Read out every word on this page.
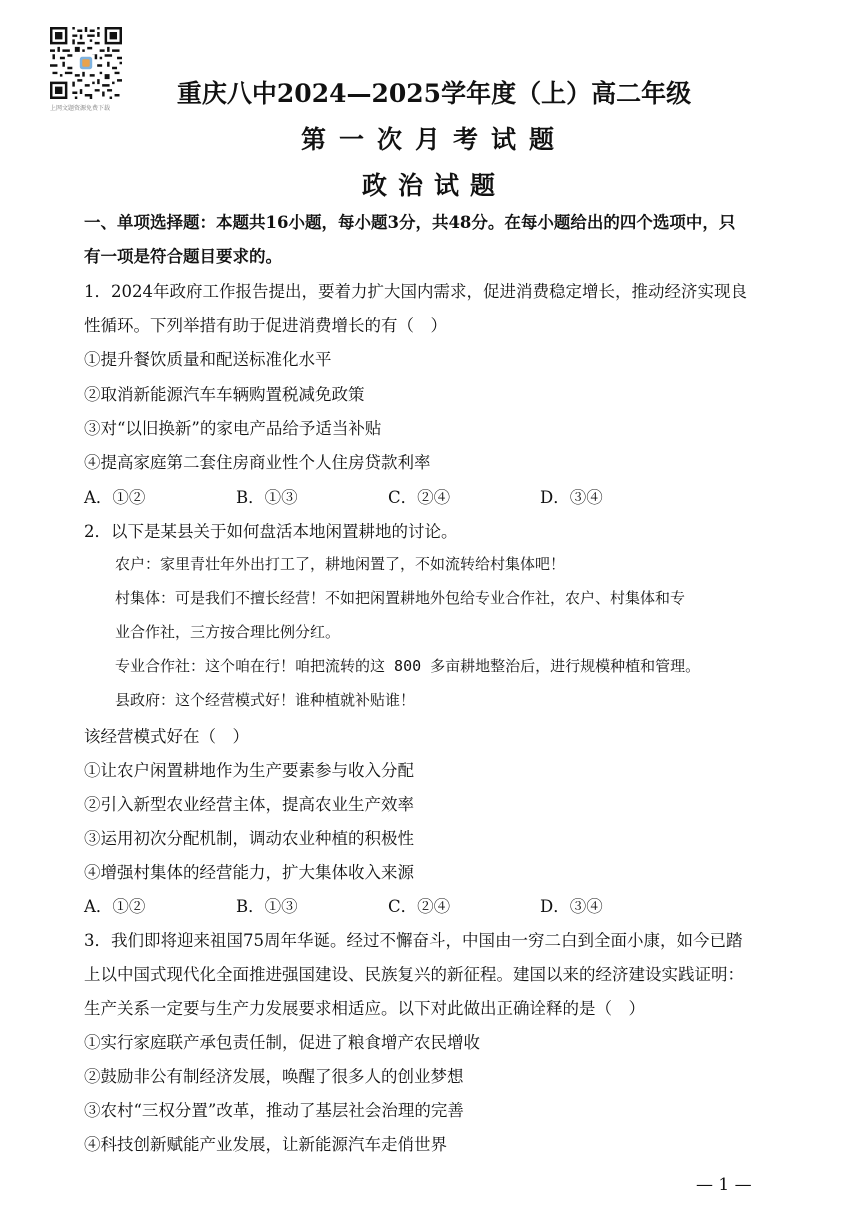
上网文题资源免费下载
重庆八中2024—2025学年度（上）高二年级
第一次月考试题
政治试题
一、单项选择题：本题共16小题，每小题3分，共48分。在每小题给出的四个选项中，只
有一项是符合题目要求的。
1．2024年政府工作报告提出，要着力扩大国内需求，促进消费稳定增长，推动经济实现良
性循环。下列举措有助于促进消费增长的有（　）
①提升餐饮质量和配送标准化水平
②取消新能源汽车车辆购置税减免政策
③对“以旧换新”的家电产品给予适当补贴
④提高家庭第二套住房商业性个人住房贷款利率
A．①②	B．①③	C．②④	D．③④
2．以下是某县关于如何盘活本地闲置耕地的讨论。
农户：家里青壮年外出打工了，耕地闲置了，不如流转给村集体吧！
村集体：可是我们不擅长经营！不如把闲置耕地外包给专业合作社，农户、村集体和专
业合作社，三方按合理比例分红。
专业合作社：这个咱在行！咱把流转的这 800 多亩耕地整治后，进行规模种植和管理。
县政府：这个经营模式好！谁种植就补贴谁！
该经营模式好在（　）
①让农户闲置耕地作为生产要素参与收入分配
②引入新型农业经营主体，提高农业生产效率
③运用初次分配机制，调动农业种植的积极性
④增强村集体的经营能力，扩大集体收入来源
A．①②	B．①③	C．②④	D．③④
3．我们即将迎来祖国75周年华诞。经过不懈奋斗，中国由一穷二白到全面小康，如今已踏
上以中国式现代化全面推进强国建设、民族复兴的新征程。建国以来的经济建设实践证明：
生产关系一定要与生产力发展要求相适应。以下对此做出正确诠释的是（　）
①实行家庭联产承包责任制，促进了粮食增产农民增收
②鼓励非公有制经济发展，唤醒了很多人的创业梦想
③农村“三权分置”改革，推动了基层社会治理的完善
④科技创新赋能产业发展，让新能源汽车走俏世界
— 1 —
